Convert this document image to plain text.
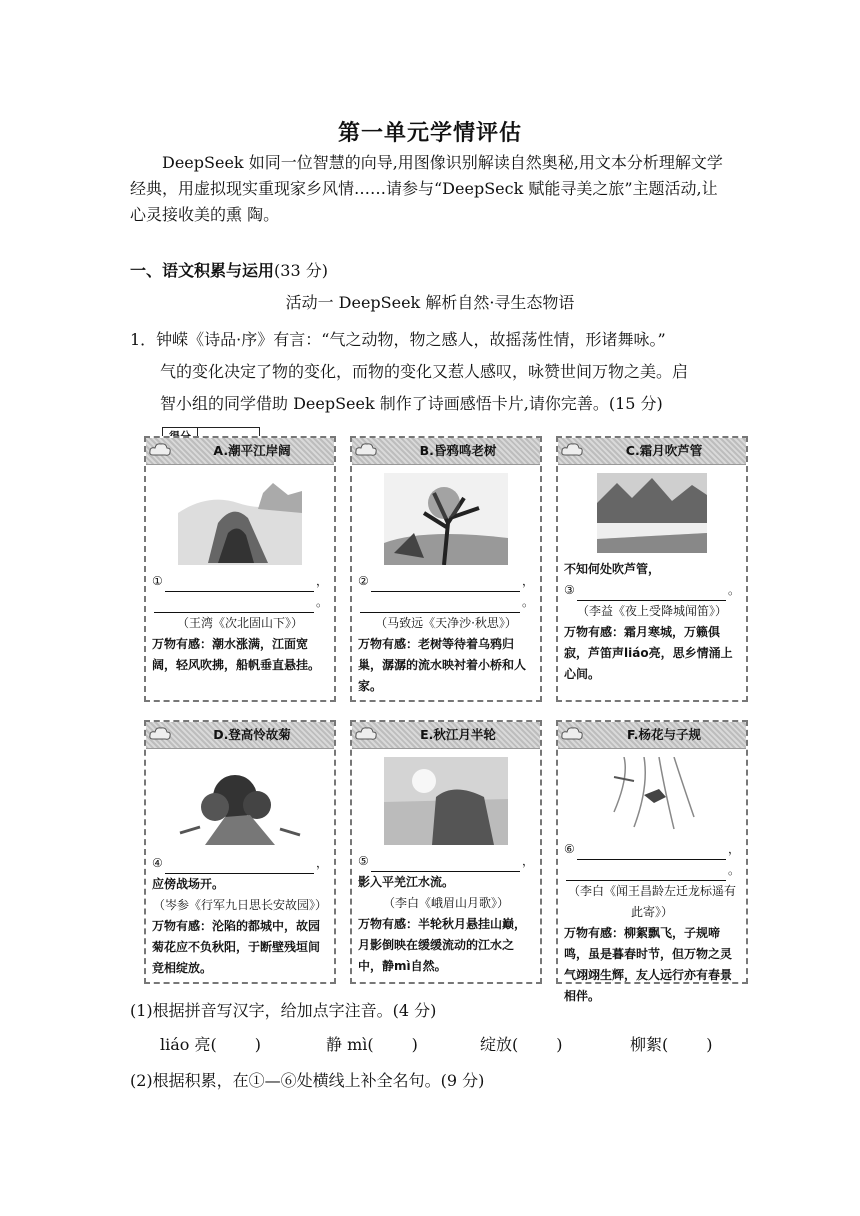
第一单元学情评估
DeepSeek 如同一位智慧的向导,用图像识别解读自然奥秘,用文本分析理解文学经典，用虚拟现实重现家乡风情……请参与“DeepSeck 赋能寻美之旅”主题活动,让心灵接收美的熏 陶。
一、语文积累与运用(33 分)
活动一 DeepSeek 解析自然·寻生态物语
1．钟嵘《诗品·序》有言：“气之动物，物之感人，故摇荡性情，形诸舞咏。”
气的变化决定了物的变化，而物的变化又惹人感叹，咏赞世间万物之美。启
智小组的同学借助 DeepSeek 制作了诗画感悟卡片,请你完善。(15 分)
A.潮平江岸阔
①	，
。
（王湾《次北固山下》）
万物有感：潮水涨满，江面宽阔，轻风吹拂，船帆垂直悬挂。
B.昏鸦鸣老树
②	，
。
（马致远《天净沙·秋思》）
万物有感：老树等待着乌鸦归巢，潺潺的流水映衬着小桥和人家。
C.霜月吹芦管
不知何处吹芦管，
③	。
（李益《夜上受降城闻笛》）
万物有感：霜月寒城，万籁俱寂，芦笛声liáo亮，思乡情涌上心间。
D.登高怜故菊
④	，
应傍战场开。
（岑参《行军九日思长安故园》）
万物有感：沦陷的都城中，故园菊花应不负秋阳，于断壁残垣间竞相绽放。
E.秋江月半轮
⑤	，
影入平羌江水流。
（李白《峨眉山月歌》）
万物有感：半轮秋月悬挂山巅，月影倒映在缓缓流动的江水之中，静mì自然。
F.杨花与子规
⑥	，
。
（李白《闻王昌龄左迁龙标遥有此寄》）
万物有感：柳絮飘飞，子规啼鸣，虽是暮春时节，但万物之灵气翊翊生辉，友人远行亦有春景相伴。
(1)根据拼音写汉字，给加点字注音。(4 分)
liáo 亮( )	静 mì( )	绽放( )	柳絮( )
(2)根据积累，在①—⑥处横线上补全名句。(9 分)
